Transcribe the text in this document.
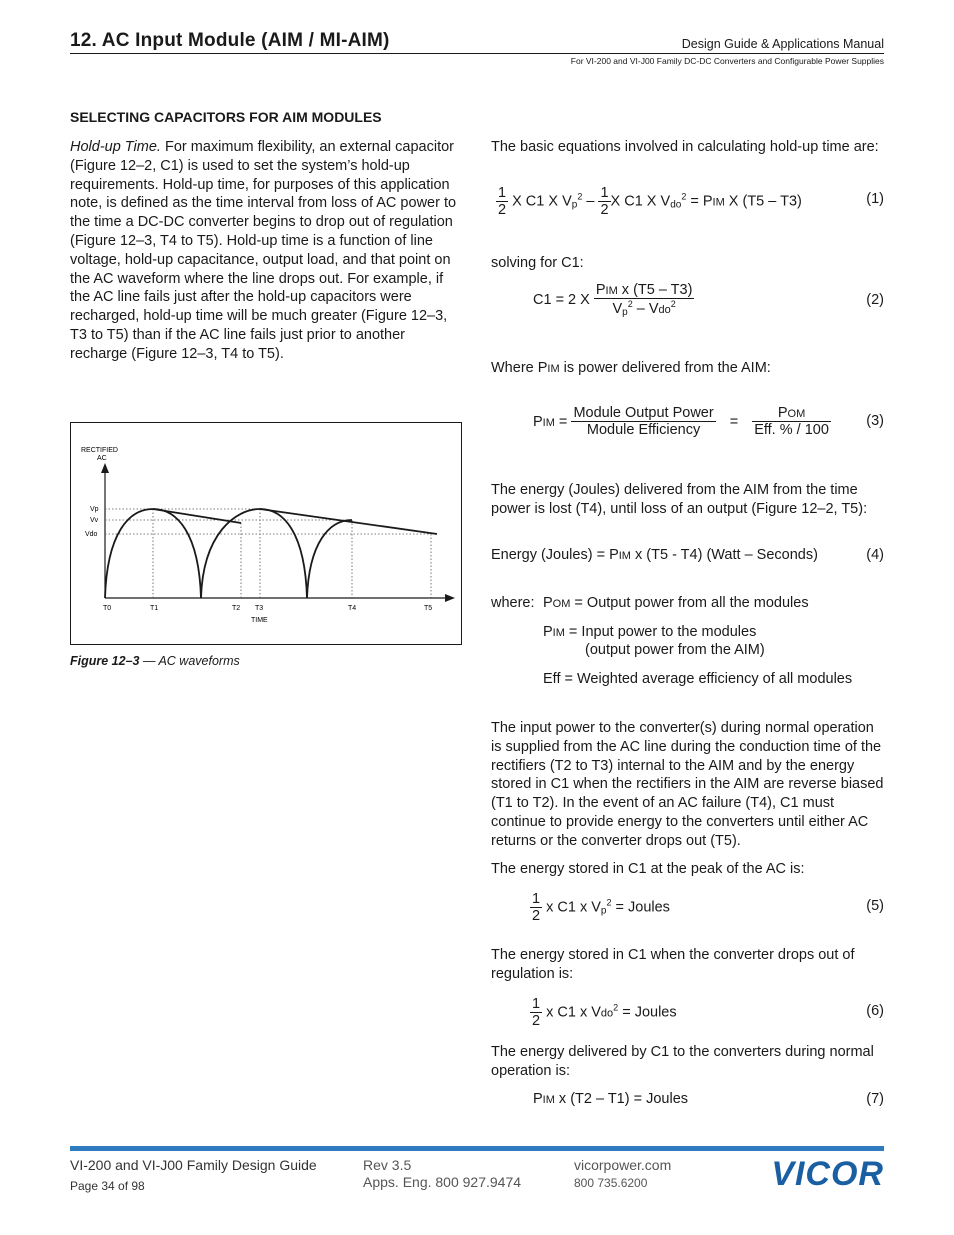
12. AC Input Module (AIM / MI-AIM)	Design Guide & Applications Manual
For VI-200 and VI-J00 Family DC-DC Converters and Configurable Power Supplies
SELECTING CAPACITORS FOR AIM MODULES
Hold-up Time. For maximum flexibility, an external capacitor (Figure 12–2, C1) is used to set the system’s hold-up requirements. Hold-up time, for purposes of this application note, is defined as the time interval from loss of AC power to the time a DC-DC converter begins to drop out of regulation (Figure 12–3, T4 to T5). Hold-up time is a function of line voltage, hold-up capacitance, output load, and that point on the AC waveform where the line drops out. For example, if the AC line fails just after the hold-up capacitors were recharged, hold-up time will be much greater (Figure 12–3, T3 to T5) than if the AC line fails just prior to another recharge (Figure 12–3, T4 to T5).
RECTIFIED
AC
Vp
Vv
Vdo
T0	T1	T2 T3	T4	T5
TIME
Figure 12–3 — AC waveforms
The basic equations involved in calculating hold-up time are:
$\frac{1}{2}$ X C1 X $V_p^2 - \frac{1}{2}$ X C1 X $V_{do}^2$ = PIM X (T5 – T3)	(1)
solving for C1:
C1 = 2 X $\frac{\text{PIM x (T5 – T3)}}{V_p^2 - Vdo^2}$	(2)
Where PIM is power delivered from the AIM:
PIM = $\frac{\text{Module Output Power}}{\text{Module Efficiency}} = \frac{\text{POM}}{\text{Eff. \% / 100}} (3)$
The energy (Joules) delivered from the AIM from the time power is lost (T4), until loss of an output (Figure 12–2, T5):
Energy (Joules) = PIM x (T5 - T4) (Watt – Seconds)	(4)
where: POM = Output power from all the modules
PIM = Input power to the modules
(output power from the AIM)
Eff = Weighted average efficiency of all modules
The input power to the converter(s) during normal operation is supplied from the AC line during the conduction time of the rectifiers (T2 to T3) internal to the AIM and by the energy stored in C1 when the rectifiers in the AIM are reverse biased (T1 to T2). In the event of an AC failure (T4), C1 must continue to provide energy to the converters until either AC returns or the converter drops out (T5).
The energy stored in C1 at the peak of the AC is:
$\frac{1}{2}$ x C1 x $V_p^2$ = Joules	(5)
The energy stored in C1 when the converter drops out of regulation is:
$\frac{1}{2}$ x C1 x Vdo$^2$ = Joules	(6)
The energy delivered by C1 to the converters during normal operation is:
PIM x (T2 – T1) = Joules	(7)
VI-200 and VI-J00 Family Design Guide
Page 34 of 98
Rev 3.5
Apps. Eng. 800 927.9474
vicorpower.com
800 735.6200	VICOR
